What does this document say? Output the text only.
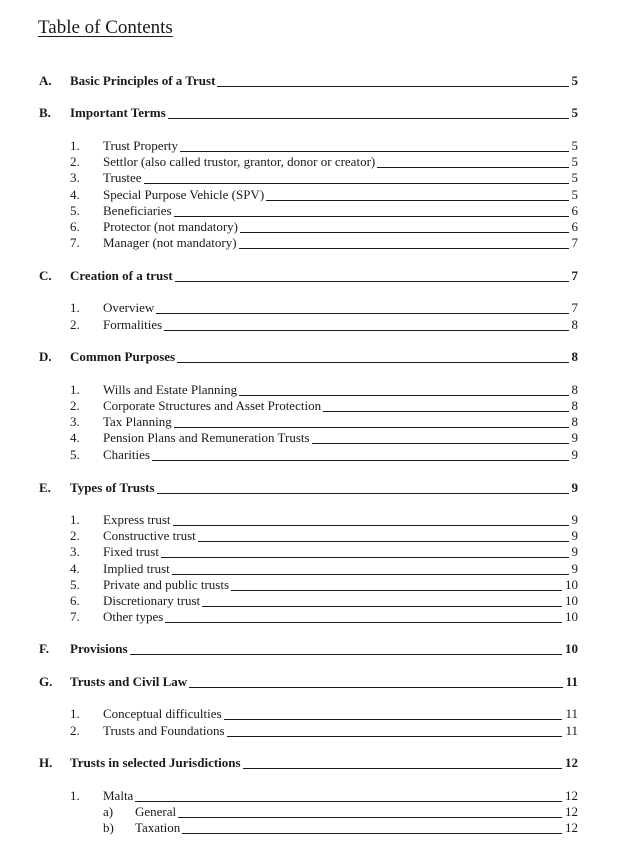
Table of Contents
A.	Basic Principles of a Trust	5
B.	Important Terms	5
1.	Trust Property	5
2.	Settlor (also called trustor, grantor, donor or creator)	5
3.	Trustee	5
4.	Special Purpose Vehicle (SPV)	5
5.	Beneficiaries	6
6.	Protector (not mandatory)	6
7.	Manager (not mandatory)	7
C.	Creation of a trust	7
1.	Overview	7
2.	Formalities	8
D.	Common Purposes	8
1.	Wills and Estate Planning	8
2.	Corporate Structures and Asset Protection	8
3.	Tax Planning	8
4.	Pension Plans and Remuneration Trusts	9
5.	Charities	9
E.	Types of Trusts	9
1.	Express trust	9
2.	Constructive trust	9
3.	Fixed trust	9
4.	Implied trust	9
5.	Private and public trusts	10
6.	Discretionary trust	10
7.	Other types	10
F.	Provisions	10
G.	Trusts and Civil Law	11
1.	Conceptual difficulties	11
2.	Trusts and Foundations	11
H.	Trusts in selected Jurisdictions	12
1.	Malta	12
a)	General	12
b)	Taxation	12
